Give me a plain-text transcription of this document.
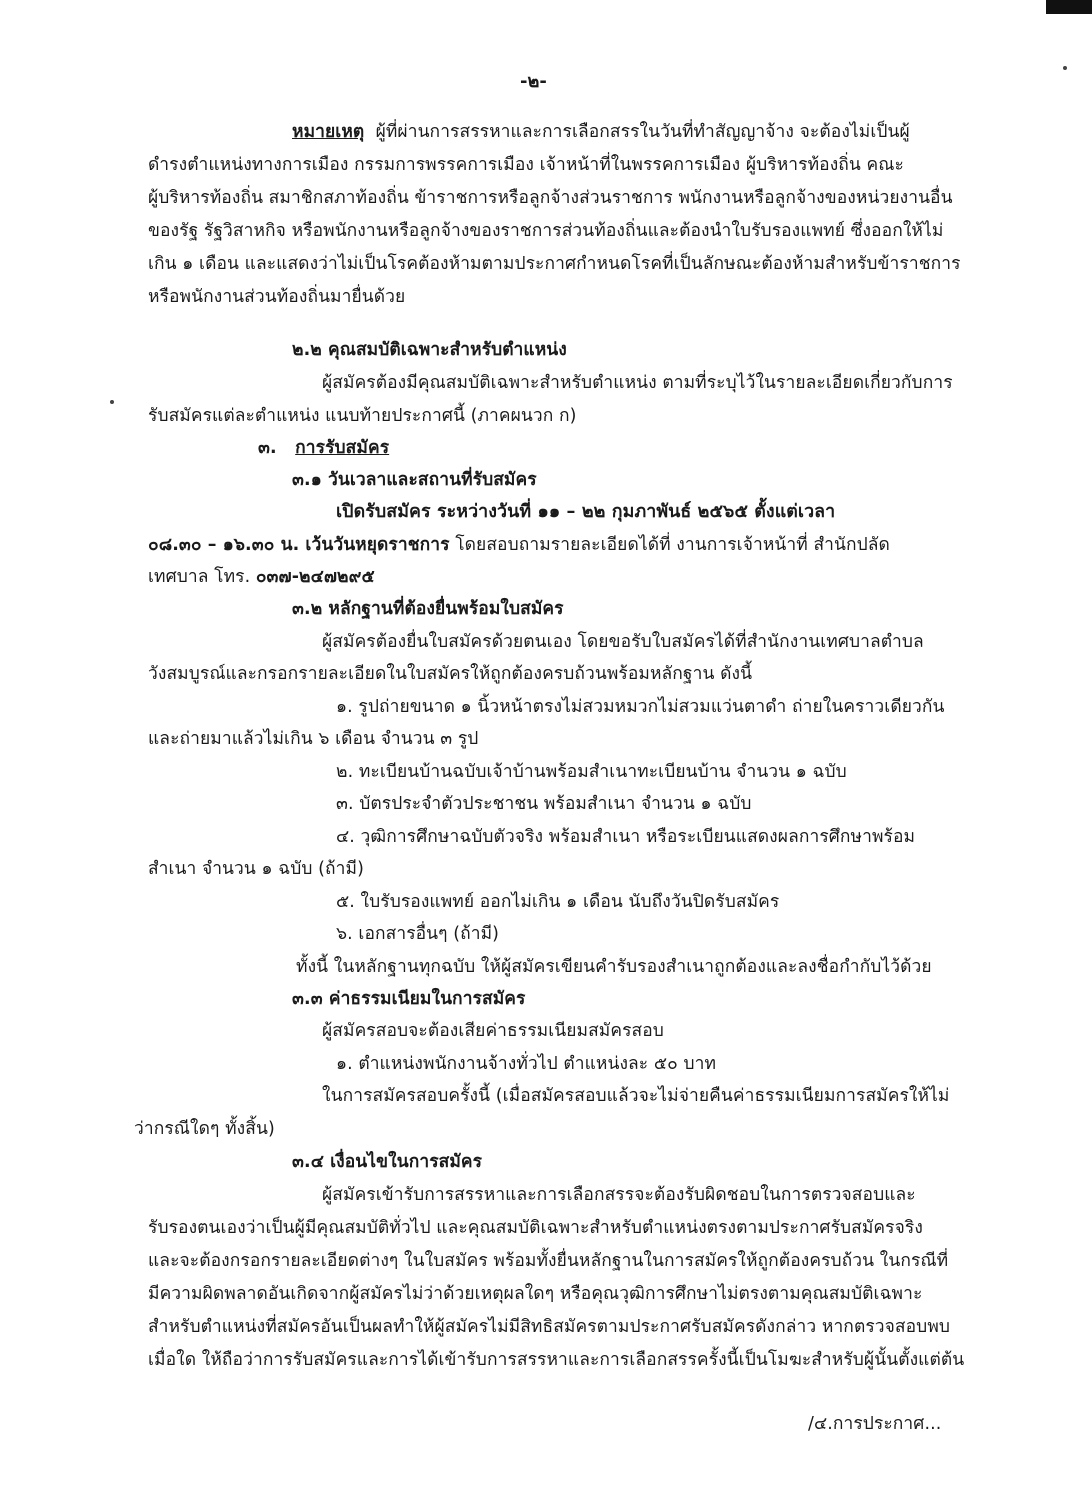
-๒-
หมายเหตุ ผู้ที่ผ่านการสรรหาและการเลือกสรรในวันที่ทำสัญญาจ้าง จะต้องไม่เป็นผู้
ดำรงตำแหน่งทางการเมือง กรรมการพรรคการเมือง เจ้าหน้าที่ในพรรคการเมือง ผู้บริหารท้องถิ่น คณะ
ผู้บริหารท้องถิ่น สมาชิกสภาท้องถิ่น ข้าราชการหรือลูกจ้างส่วนราชการ พนักงานหรือลูกจ้างของหน่วยงานอื่น
ของรัฐ รัฐวิสาหกิจ หรือพนักงานหรือลูกจ้างของราชการส่วนท้องถิ่นและต้องนำใบรับรองแพทย์ ซึ่งออกให้ไม่
เกิน ๑ เดือน และแสดงว่าไม่เป็นโรคต้องห้ามตามประกาศกำหนดโรคที่เป็นลักษณะต้องห้ามสำหรับข้าราชการ
หรือพนักงานส่วนท้องถิ่นมายื่นด้วย
๒.๒ คุณสมบัติเฉพาะสำหรับตำแหน่ง
ผู้สมัครต้องมีคุณสมบัติเฉพาะสำหรับตำแหน่ง ตามที่ระบุไว้ในรายละเอียดเกี่ยวกับการ
รับสมัครแต่ละตำแหน่ง แนบท้ายประกาศนี้ (ภาคผนวก ก)
๓. การรับสมัคร
๓.๑ วันเวลาและสถานที่รับสมัคร
เปิดรับสมัคร ระหว่างวันที่ ๑๑ – ๒๒ กุมภาพันธ์ ๒๕๖๕ ตั้งแต่เวลา
๐๘.๓๐ – ๑๖.๓๐ น. เว้นวันหยุดราชการ โดยสอบถามรายละเอียดได้ที่ งานการเจ้าหน้าที่ สำนักปลัด
เทศบาล โทร. ๐๓๗-๒๔๗๒๙๕
๓.๒ หลักฐานที่ต้องยื่นพร้อมใบสมัคร
ผู้สมัครต้องยื่นใบสมัครด้วยตนเอง โดยขอรับใบสมัครได้ที่สำนักงานเทศบาลตำบล
วังสมบูรณ์และกรอกรายละเอียดในใบสมัครให้ถูกต้องครบถ้วนพร้อมหลักฐาน ดังนี้
๑. รูปถ่ายขนาด ๑ นิ้วหน้าตรงไม่สวมหมวกไม่สวมแว่นตาดำ ถ่ายในคราวเดียวกัน
และถ่ายมาแล้วไม่เกิน ๖ เดือน จำนวน ๓ รูป
๒. ทะเบียนบ้านฉบับเจ้าบ้านพร้อมสำเนาทะเบียนบ้าน จำนวน ๑ ฉบับ
๓. บัตรประจำตัวประชาชน พร้อมสำเนา จำนวน ๑ ฉบับ
๔. วุฒิการศึกษาฉบับตัวจริง พร้อมสำเนา หรือระเบียนแสดงผลการศึกษาพร้อม
สำเนา จำนวน ๑ ฉบับ (ถ้ามี)
๕. ใบรับรองแพทย์ ออกไม่เกิน ๑ เดือน นับถึงวันปิดรับสมัคร
๖. เอกสารอื่นๆ (ถ้ามี)
ทั้งนี้ ในหลักฐานทุกฉบับ ให้ผู้สมัครเขียนคำรับรองสำเนาถูกต้องและลงชื่อกำกับไว้ด้วย
๓.๓ ค่าธรรมเนียมในการสมัคร
ผู้สมัครสอบจะต้องเสียค่าธรรมเนียมสมัครสอบ
๑. ตำแหน่งพนักงานจ้างทั่วไป ตำแหน่งละ ๕๐ บาท
ในการสมัครสอบครั้งนี้ (เมื่อสมัครสอบแล้วจะไม่จ่ายคืนค่าธรรมเนียมการสมัครให้ไม่
ว่ากรณีใดๆ ทั้งสิ้น)
๓.๔ เงื่อนไขในการสมัคร
ผู้สมัครเข้ารับการสรรหาและการเลือกสรรจะต้องรับผิดชอบในการตรวจสอบและ
รับรองตนเองว่าเป็นผู้มีคุณสมบัติทั่วไป และคุณสมบัติเฉพาะสำหรับตำแหน่งตรงตามประกาศรับสมัครจริง
และจะต้องกรอกรายละเอียดต่างๆ ในใบสมัคร พร้อมทั้งยื่นหลักฐานในการสมัครให้ถูกต้องครบถ้วน ในกรณีที่
มีความผิดพลาดอันเกิดจากผู้สมัครไม่ว่าด้วยเหตุผลใดๆ หรือคุณวุฒิการศึกษาไม่ตรงตามคุณสมบัติเฉพาะ
สำหรับตำแหน่งที่สมัครอันเป็นผลทำให้ผู้สมัครไม่มีสิทธิสมัครตามประกาศรับสมัครดังกล่าว หากตรวจสอบพบ
เมื่อใด ให้ถือว่าการรับสมัครและการได้เข้ารับการสรรหาและการเลือกสรรครั้งนี้เป็นโมฆะสำหรับผู้นั้นตั้งแต่ต้น
/๔.การประกาศ...
